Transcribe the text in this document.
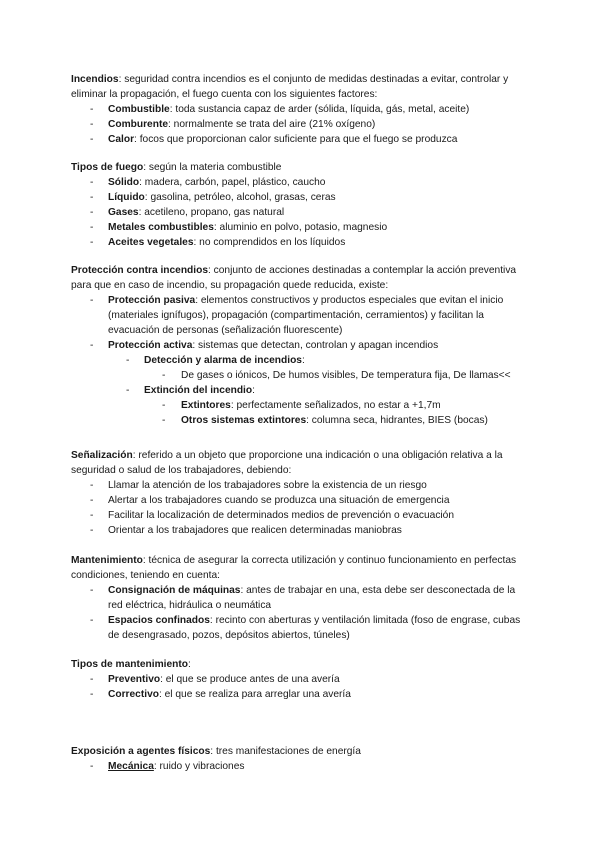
Incendios: seguridad contra incendios es el conjunto de medidas destinadas a evitar, controlar y eliminar la propagación, el fuego cuenta con los siguientes factores:

- Combustible: toda sustancia capaz de arder (sólida, líquida, gás, metal, aceite)
- Comburente: normalmente se trata del aire (21% oxígeno)
- Calor: focos que proporcionan calor suficiente para que el fuego se produzca

Tipos de fuego: según la materia combustible

- Sólido: madera, carbón, papel, plástico, caucho
- Líquido: gasolina, petróleo, alcohol, grasas, ceras
- Gases: acetileno, propano, gas natural
- Metales combustibles: aluminio en polvo, potasio, magnesio
- Aceites vegetales: no comprendidos en los líquidos

Protección contra incendios: conjunto de acciones destinadas a contemplar la acción preventiva para que en caso de incendio, su propagación quede reducida, existe:

- Protección pasiva: elementos constructivos y productos especiales que evitan el inicio (materiales ignífugos), propagación (compartimentación, cerramientos) y facilitan la evacuación de personas (señalización fluorescente)
- Protección activa: sistemas que detectan, controlan y apagan incendios
- Detección y alarma de incendios:
- De gases o iónicos, De humos visibles, De temperatura fija, De llamas<<
- Extinción del incendio:
- Extintores: perfectamente señalizados, no estar a +1,7m
- Otros sistemas extintores: columna seca, hidrantes, BIES (bocas)

Señalización: referido a un objeto que proporcione una indicación o una obligación relativa a la seguridad o salud de los trabajadores, debiendo:

- Llamar la atención de los trabajadores sobre la existencia de un riesgo
- Alertar a los trabajadores cuando se produzca una situación de emergencia
- Facilitar la localización de determinados medios de prevención o evacuación
- Orientar a los trabajadores que realicen determinadas maniobras

Mantenimiento: técnica de asegurar la correcta utilización y continuo funcionamiento en perfectas condiciones, teniendo en cuenta:

- Consignación de máquinas: antes de trabajar en una, esta debe ser desconectada de la red eléctrica, hidráulica o neumática
- Espacios confinados: recinto con aberturas y ventilación limitada (foso de engrase, cubas de desengrasado, pozos, depósitos abiertos, túneles)

Tipos de mantenimiento:

- Preventivo: el que se produce antes de una avería
- Correctivo: el que se realiza para arreglar una avería

Exposición a agentes físicos: tres manifestaciones de energía

- Mecánica: ruido y vibraciones
